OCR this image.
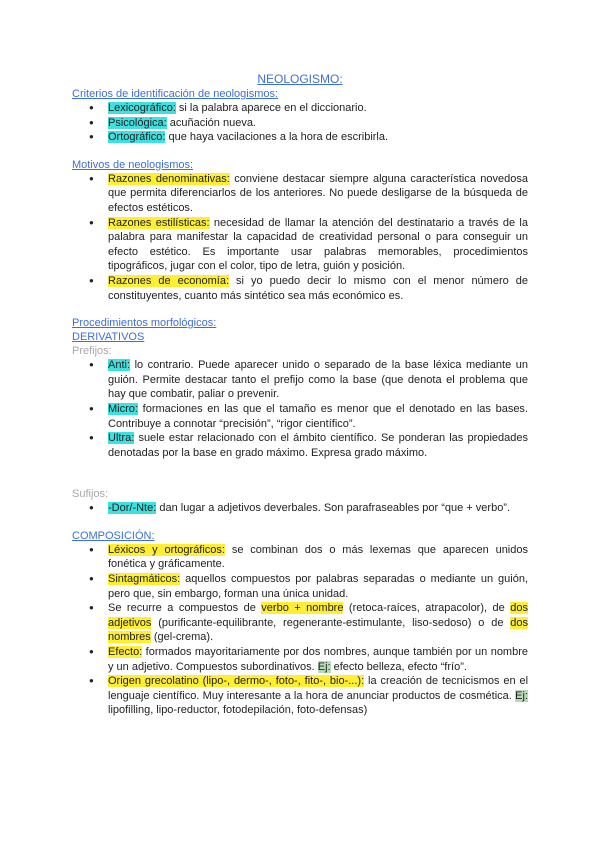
NEOLOGISMO:
Criterios de identificación de neologismos:
● Lexicográfico: si la palabra aparece en el diccionario.
● Psicológica: acuñación nueva.
● Ortográfico: que haya vacilaciones a la hora de escribirla.
Motivos de neologismos:
● Razones denominativas: conviene destacar siempre alguna característica novedosa que permita diferenciarlos de los anteriores. No puede desligarse de la búsqueda de efectos estéticos.
● Razones estilísticas: necesidad de llamar la atención del destinatario a través de la palabra para manifestar la capacidad de creatividad personal o para conseguir un efecto estético. Es importante usar palabras memorables, procedimientos tipográficos, jugar con el color, tipo de letra, guión y posición.
● Razones de economía: si yo puedo decir lo mismo con el menor número de constituyentes, cuanto más sintético sea más económico es.
Procedimientos morfológicos:
DERIVATIVOS
Prefijos:
● Anti: lo contrario. Puede aparecer unido o separado de la base léxica mediante un guión. Permite destacar tanto el prefijo como la base (que denota el problema que hay que combatir, paliar o prevenir.
● Micro: formaciones en las que el tamaño es menor que el denotado en las bases. Contribuye a connotar “precisión”, “rigor científico”.
● Ultra: suele estar relacionado con el ámbito científico. Se ponderan las propiedades denotadas por la base en grado máximo. Expresa grado máximo.
Sufijos:
● -Dor/-Nte: dan lugar a adjetivos deverbales. Son parafraseables por “que + verbo”.
COMPOSICIÓN:
● Léxicos y ortográficos: se combinan dos o más lexemas que aparecen unidos fonética y gráficamente.
● Sintagmáticos: aquellos compuestos por palabras separadas o mediante un guión, pero que, sin embargo, forman una única unidad.
● Se recurre a compuestos de verbo + nombre (retoca-raíces, atrapacolor), de dos adjetivos (purificante-equilibrante, regenerante-estimulante, liso-sedoso) o de dos nombres (gel-crema).
● Efecto: formados mayoritariamente por dos nombres, aunque también por un nombre y un adjetivo. Compuestos subordinativos. Ej: efecto belleza, efecto “frío”.
● Origen grecolatino (lipo-, dermo-, foto-, fito-, bio-...): la creación de tecnicismos en el lenguaje científico. Muy interesante a la hora de anunciar productos de cosmética. Ej: lipofilling, lipo-reductor, fotodepilación, foto-defensas)
